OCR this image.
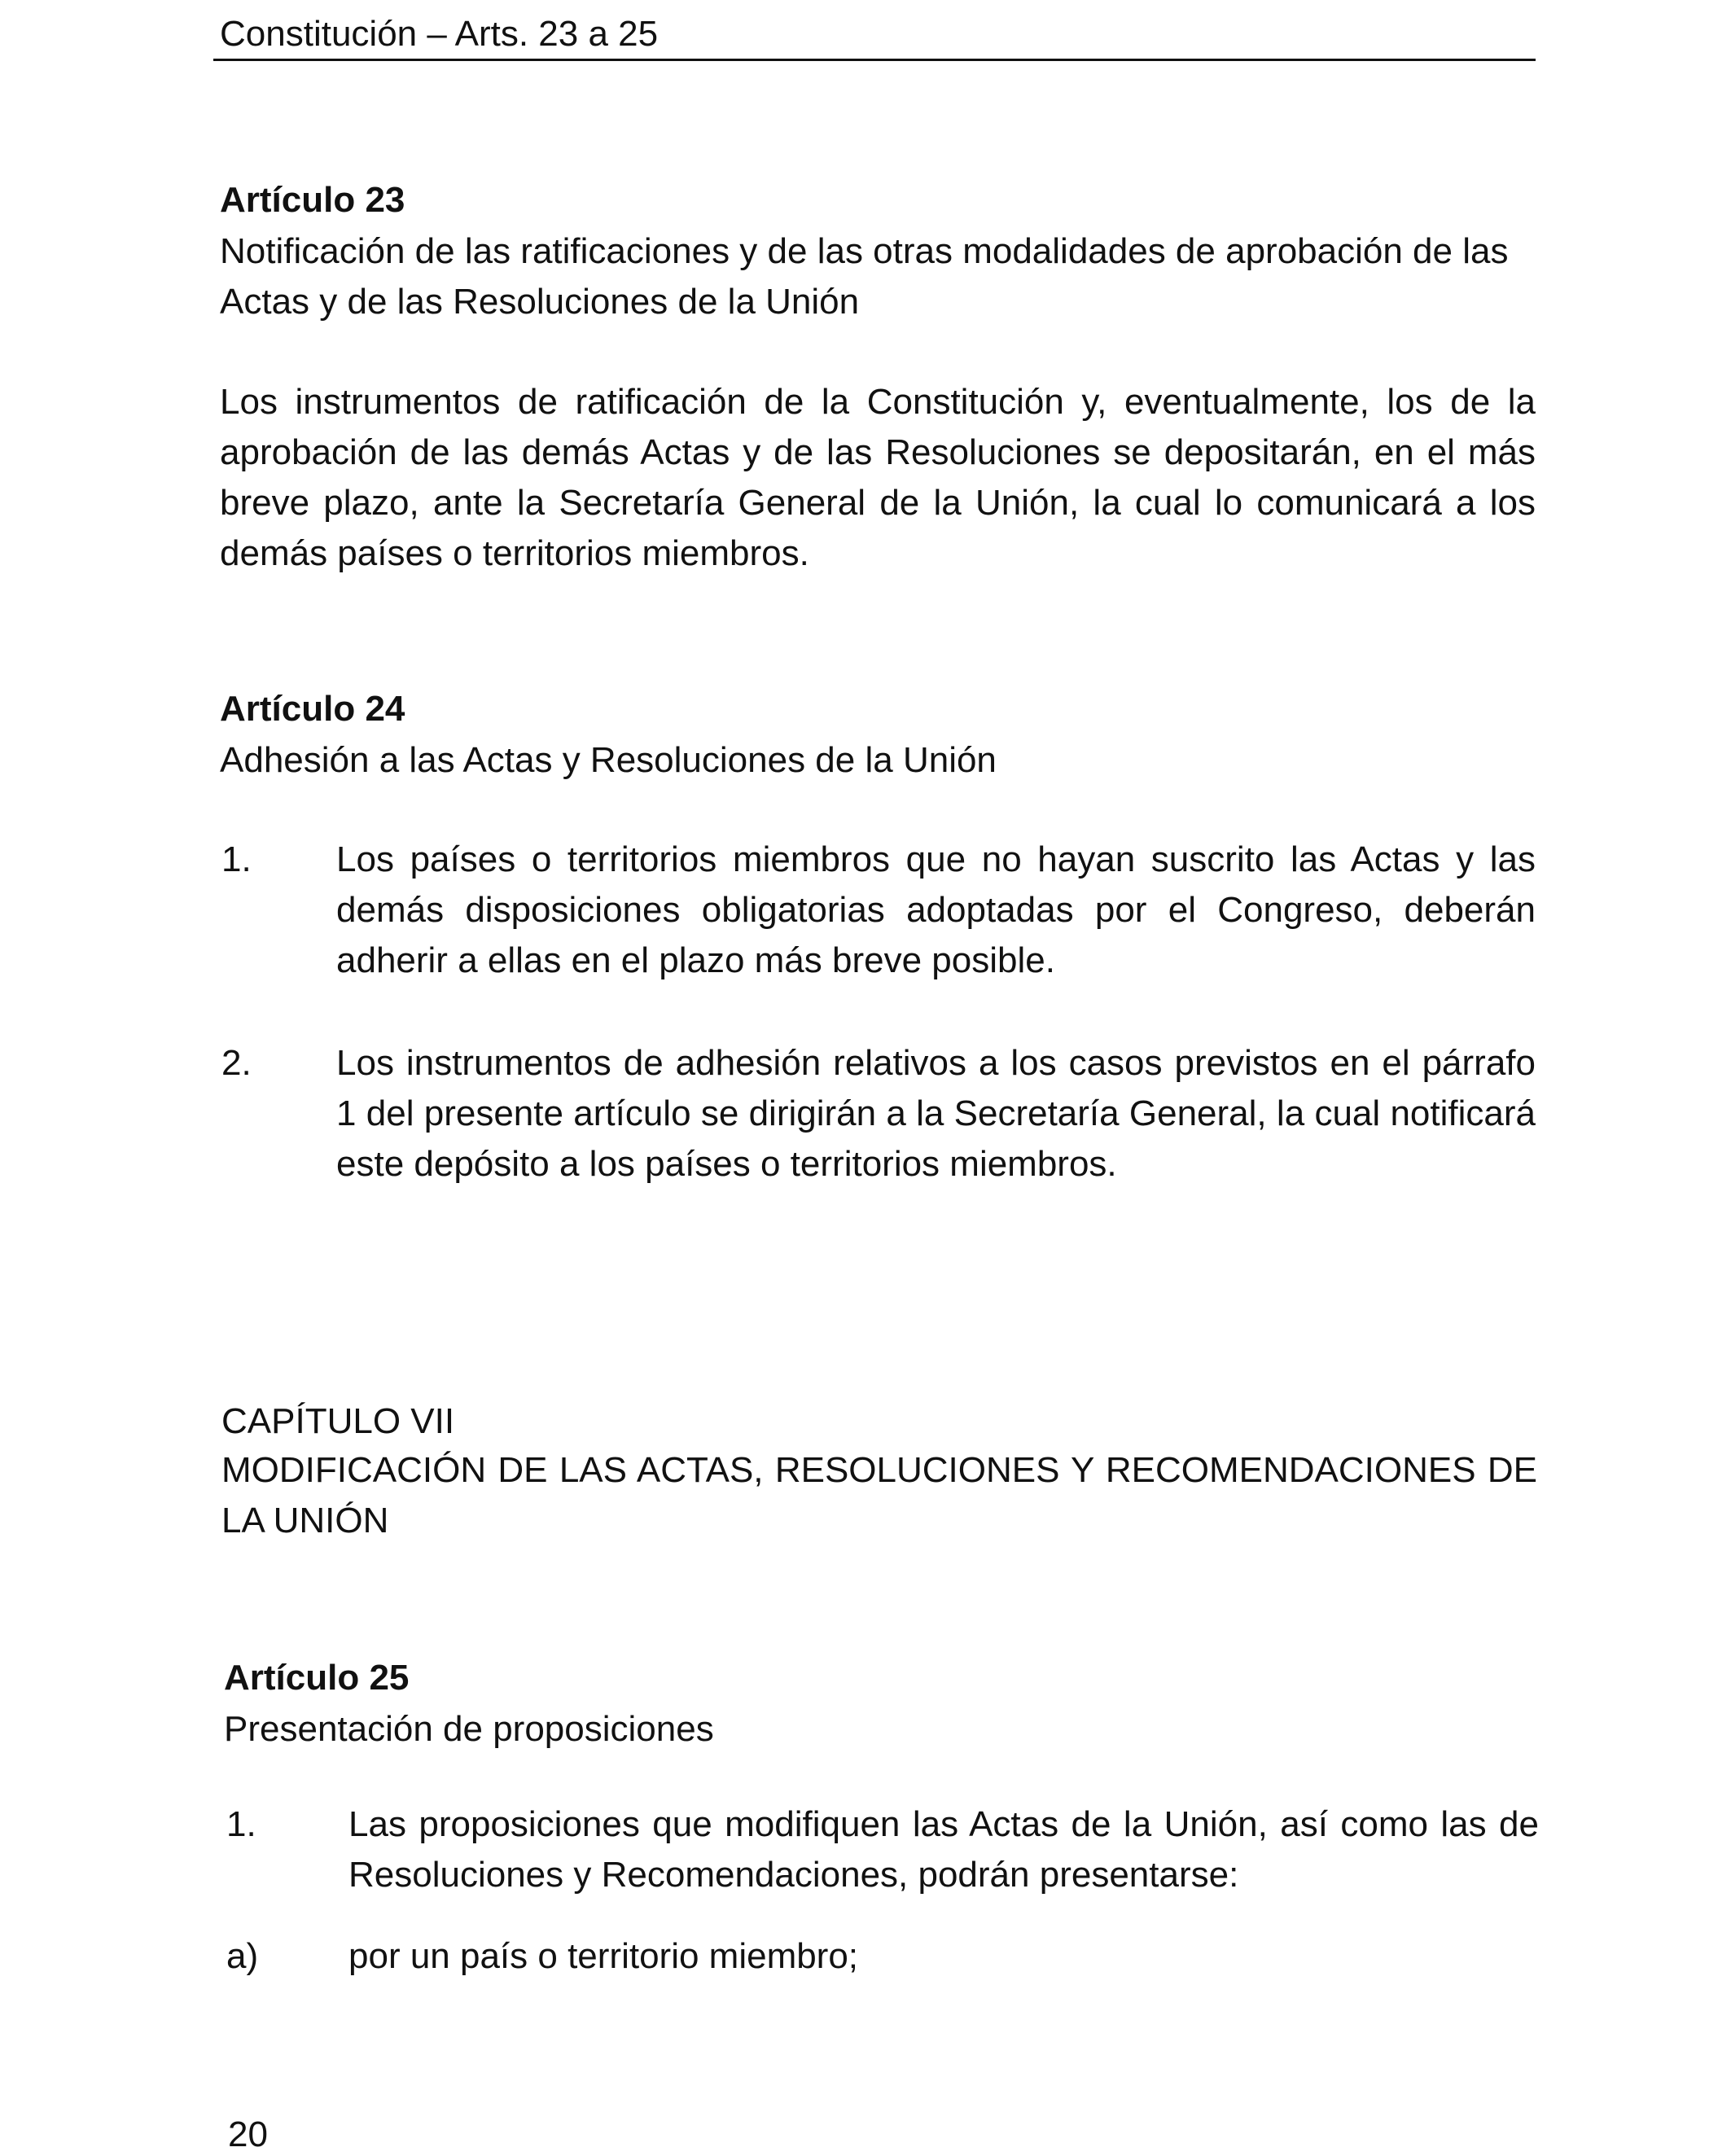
Constitución – Arts. 23 a 25

Artículo 23

Notificación de las ratificaciones y de las otras modalidades de aprobación de las Actas y de las Resoluciones de la Unión

Los instrumentos de ratificación de la Constitución y, eventualmente, los de la aprobación de las demás Actas y de las Resoluciones se depositarán, en el más breve plazo, ante la Secretaría General de la Unión, la cual lo comunicará a los demás países o territorios miembros.

Artículo 24

Adhesión a las Actas y Resoluciones de la Unión

1. Los países o territorios miembros que no hayan suscrito las Actas y las demás disposiciones obligatorias adoptadas por el Congreso, deberán adherir a ellas en el plazo más breve posible.

2. Los instrumentos de adhesión relativos a los casos previstos en el párrafo 1 del presente artículo se dirigirán a la Secretaría General, la cual notificará este depósito a los países o territorios miembros.

CAPÍTULO VII

MODIFICACIÓN DE LAS ACTAS, RESOLUCIONES Y RECOMENDACIONES DE LA UNIÓN

Artículo 25

Presentación de proposiciones

1.	Las proposiciones que modifiquen las Actas de la Unión, así como las de Resoluciones y Recomendaciones, podrán presentarse:

a)	por un país o territorio miembro;

20
